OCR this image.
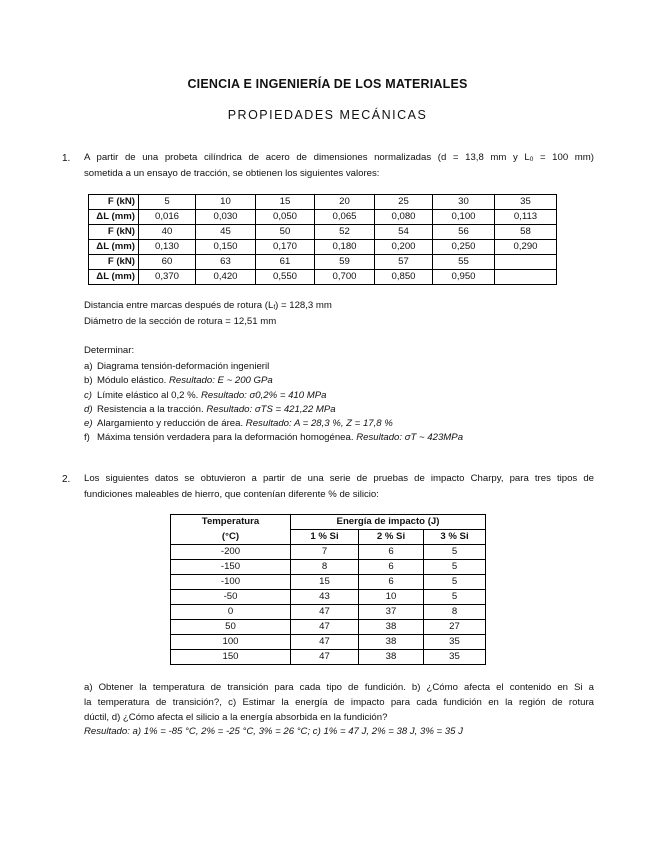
CIENCIA E INGENIERÍA DE LOS MATERIALES
PROPIEDADES MECÁNICAS
1. A partir de una probeta cilíndrica de acero de dimensiones normalizadas (d = 13,8 mm y $L_0 = 100$ mm)
sometida a un ensayo de tracción, se obtienen los siguientes valores:
F (kN)	5	10	15	20	25	30	35
ΔL (mm)	0,016	0,030	0,050	0,065	0,080	0,100	0,113
F (kN)	40	45	50	52	54	56	58
ΔL (mm)	0,130	0,150	0,170	0,180	0,200	0,250	0,290
F (kN)	60	63	61	59	57	55	
ΔL (mm)	0,370	0,420	0,550	0,700	0,850	0,950	
Distancia entre marcas después de rotura $(L_f) = 128,3$ mm
Diámetro de la sección de rotura = 12,51 mm
Determinar:
a) Diagrama tensión-deformación ingenieril
b) Módulo elástico. Resultado: E ~ 200 GPa
c) Límite elástico al 0,2 %. Resultado: σ0,2% = 410 MPa
d) Resistencia a la tracción. Resultado: σTS = 421,22 MPa
e) Alargamiento y reducción de área. Resultado: A = 28,3 %, Z = 17,8 %
f) Máxima tensión verdadera para la deformación homogénea. Resultado: σT ~ 423MPa
2. Los siguientes datos se obtuvieron a partir de una serie de pruebas de impacto Charpy, para tres tipos de
fundiciones maleables de hierro, que contenían diferente % de silicio:
Temperatura	Energía de impacto (J)		
(°C)	1 % Si	2 % Si	3 % Si
-200	7	6	5
-150	8	6	5
-100	15	6	5
-50	43	10	5
0	47	37	8
50	47	38	27
100	47	38	35
150	47	38	35
a) Obtener la temperatura de transición para cada tipo de fundición. b) ¿Cómo afecta el contenido en Si a
la temperatura de transición?, c) Estimar la energía de impacto para cada fundición en la región de rotura
dúctil, d) ¿Cómo afecta el silicio a la energía absorbida en la fundición?
Resultado: a) 1% = -85 °C, 2% = -25 °C, 3% = 26 °C; c) 1% = 47 J, 2% = 38 J, 3% = 35 J
